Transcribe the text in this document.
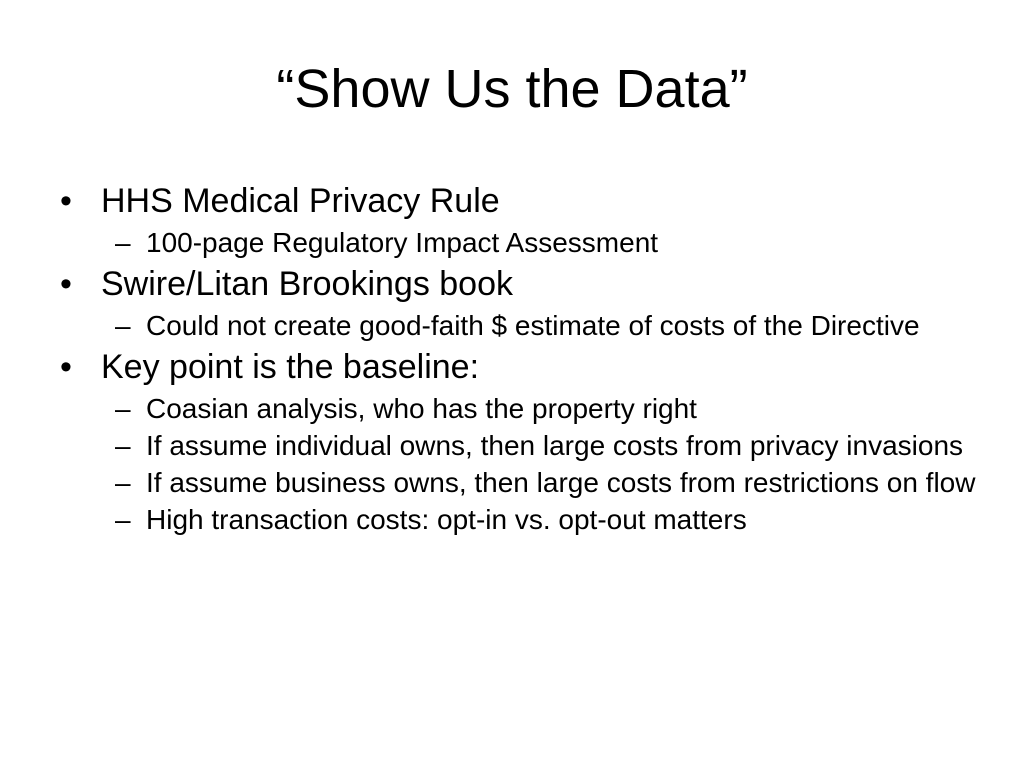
“Show Us the Data”
• HHS Medical Privacy Rule
– 100-page Regulatory Impact Assessment
• Swire/Litan Brookings book
– Could not create good-faith $ estimate of costs of the Directive
• Key point is the baseline:
– Coasian analysis, who has the property right
– If assume individual owns, then large costs from privacy invasions
– If assume business owns, then large costs from restrictions on flow
– High transaction costs: opt-in vs. opt-out matters
